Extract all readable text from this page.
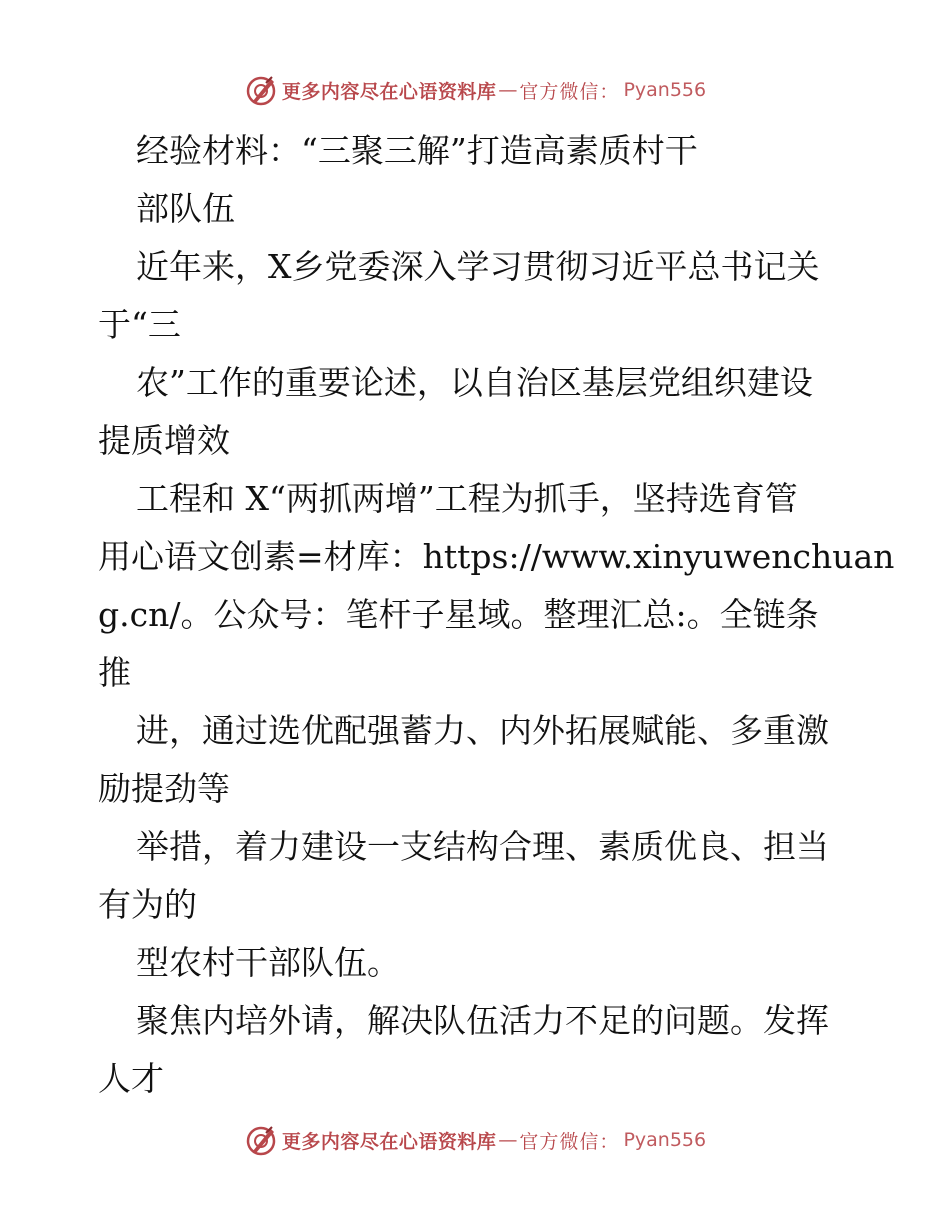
更多内容尽在心语资料库 — 官方微信： Pyan556
经验材料：“三聚三解”打造高素质村干
部队伍
近年来，X乡党委深入学习贯彻习近平总书记关
于“三
农”工作的重要论述，以自治区基层党组织建设
提质增效
工程和 X“两抓两增”工程为抓手，坚持选育管
用心语文创素=材库：https://www.xinyuwenchuan
g.cn/。公众号：笔杆子星域。整理汇总:。全链条
推
进，通过选优配强蓄力、内外拓展赋能、多重激
励提劲等
举措，着力建设一支结构合理、素质优良、担当
有为的
型农村干部队伍。
聚焦内培外请，解决队伍活力不足的问题。发挥
人才
更多内容尽在心语资料库 — 官方微信： Pyan556
